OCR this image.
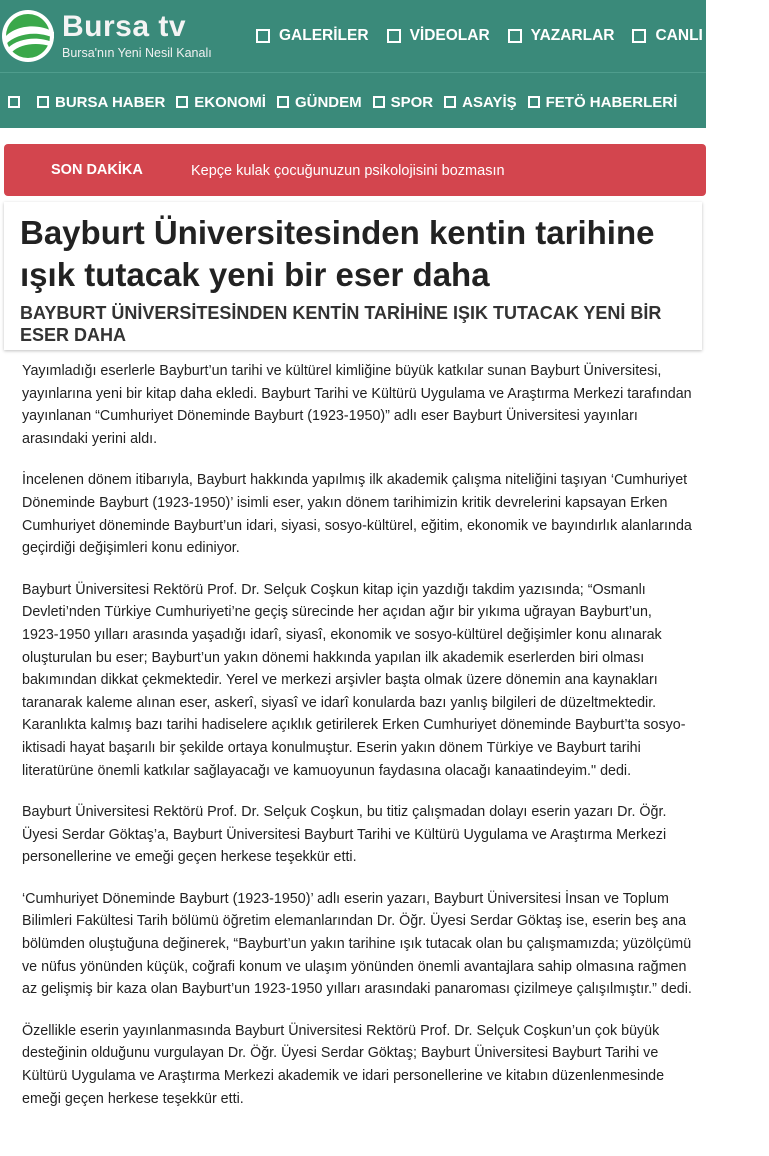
Bursa tv
Bursa'nın Yeni Nesil Kanalı
GALERİLER	VİDEOLAR	YAZARLAR	CANLI YAYIN
BURSA HABER EKONOMİ GÜNDEM SPOR ASAYİŞ FETÖ HABERLERİ
SON DAKİKA	Kepçe kulak çocuğunuzun psikolojisini bozmasın
Bayburt Üniversitesinden kentin tarihine ışık tutacak yeni bir eser daha
BAYBURT ÜNİVERSİTESİNDEN KENTİN TARİHİNE IŞIK TUTACAK YENİ BİR ESER DAHA

Yayımladığı eserlerle Bayburt’un tarihi ve kültürel kimliğine büyük katkılar sunan Bayburt Üniversitesi, yayınlarına yeni bir kitap daha ekledi. Bayburt Tarihi ve Kültürü Uygulama ve Araştırma Merkezi tarafından yayınlanan “Cumhuriyet Döneminde Bayburt (1923-1950)” adlı eser Bayburt Üniversitesi yayınları arasındaki yerini aldı.

İncelenen dönem itibarıyla, Bayburt hakkında yapılmış ilk akademik çalışma niteliğini taşıyan ‘Cumhuriyet Döneminde Bayburt (1923-1950)’ isimli eser, yakın dönem tarihimizin kritik devrelerini kapsayan Erken Cumhuriyet döneminde Bayburt’un idari, siyasi, sosyo-kültürel, eğitim, ekonomik ve bayındırlık alanlarında geçirdiği değişimleri konu ediniyor.

Bayburt Üniversitesi Rektörü Prof. Dr. Selçuk Coşkun kitap için yazdığı takdim yazısında; “Osmanlı Devleti’nden Türkiye Cumhuriyeti’ne geçiş sürecinde her açıdan ağır bir yıkıma uğrayan Bayburt’un, 1923-1950 yılları arasında yaşadığı idarî, siyasî, ekonomik ve sosyo-kültürel değişimler konu alınarak oluşturulan bu eser; Bayburt’un yakın dönemi hakkında yapılan ilk akademik eserlerden biri olması bakımından dikkat çekmektedir. Yerel ve merkezi arşivler başta olmak üzere dönemin ana kaynakları taranarak kaleme alınan eser, askerî, siyasî ve idarî konularda bazı yanlış bilgileri de düzeltmektedir. Karanlıkta kalmış bazı tarihi hadiselere açıklık getirilerek Erken Cumhuriyet döneminde Bayburt’ta sosyo-iktisadi hayat başarılı bir şekilde ortaya konulmuştur. Eserin yakın dönem Türkiye ve Bayburt tarihi literatürüne önemli katkılar sağlayacağı ve kamuoyunun faydasına olacağı kanaatindeyim." dedi.

Bayburt Üniversitesi Rektörü Prof. Dr. Selçuk Coşkun, bu titiz çalışmadan dolayı eserin yazarı Dr. Öğr. Üyesi Serdar Göktaş’a, Bayburt Üniversitesi Bayburt Tarihi ve Kültürü Uygulama ve Araştırma Merkezi personellerine ve emeği geçen herkese teşekkür etti.

‘Cumhuriyet Döneminde Bayburt (1923-1950)’ adlı eserin yazarı, Bayburt Üniversitesi İnsan ve Toplum Bilimleri Fakültesi Tarih bölümü öğretim elemanlarından Dr. Öğr. Üyesi Serdar Göktaş ise, eserin beş ana bölümden oluştuğuna değinerek, “Bayburt’un yakın tarihine ışık tutacak olan bu çalışmamızda; yüzölçümü ve nüfus yönünden küçük, coğrafi konum ve ulaşım yönünden önemli avantajlara sahip olmasına rağmen az gelişmiş bir kaza olan Bayburt’un 1923-1950 yılları arasındaki panaroması çizilmeye çalışılmıştır.” dedi.

Özellikle eserin yayınlanmasında Bayburt Üniversitesi Rektörü Prof. Dr. Selçuk Coşkun’un çok büyük desteğinin olduğunu vurgulayan Dr. Öğr. Üyesi Serdar Göktaş; Bayburt Üniversitesi Bayburt Tarihi ve Kültürü Uygulama ve Araştırma Merkezi akademik ve idari personellerine ve kitabın düzenlenmesinde emeği geçen herkese teşekkür etti.
